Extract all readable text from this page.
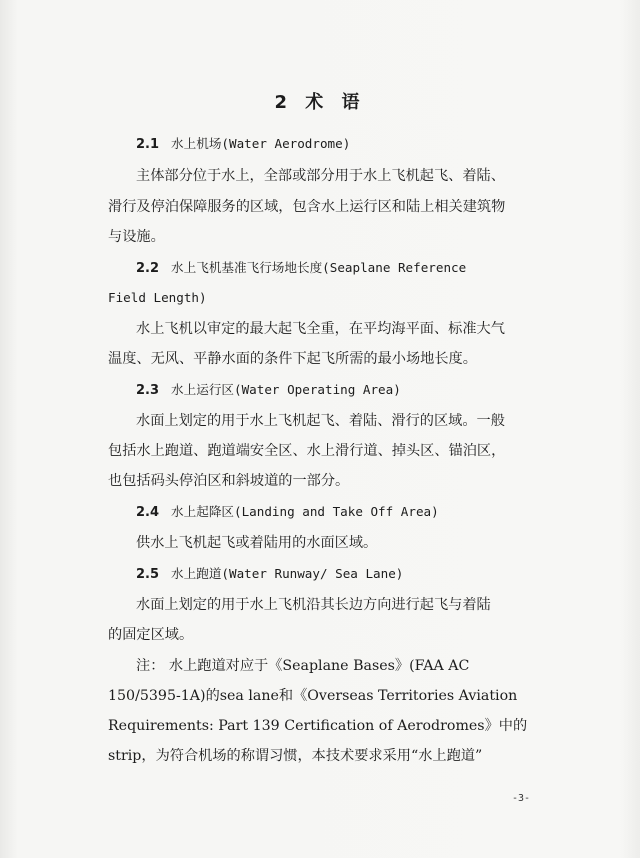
2 术 语
2.1 水上机场(Water Aerodrome)
主体部分位于水上，全部或部分用于水上飞机起飞、着陆、
滑行及停泊保障服务的区域，包含水上运行区和陆上相关建筑物
与设施。
2.2 水上飞机基准飞行场地长度(Seaplane Reference
Field Length)
水上飞机以审定的最大起飞全重，在平均海平面、标准大气
温度、无风、平静水面的条件下起飞所需的最小场地长度。
2.3 水上运行区(Water Operating Area)
水面上划定的用于水上飞机起飞、着陆、滑行的区域。一般
包括水上跑道、跑道端安全区、水上滑行道、掉头区、锚泊区，
也包括码头停泊区和斜坡道的一部分。
2.4 水上起降区(Landing and Take Off Area)
供水上飞机起飞或着陆用的水面区域。
2.5 水上跑道(Water Runway/ Sea Lane)
水面上划定的用于水上飞机沿其长边方向进行起飞与着陆
的固定区域。
注： 水上跑道对应于《Seaplane Bases》(FAA AC
150/5395-1A)的sea lane和《Overseas Territories Aviation
Requirements: Part 139 Certification of Aerodromes》中的
strip，为符合机场的称谓习惯，本技术要求采用“水上跑道”
-3-
